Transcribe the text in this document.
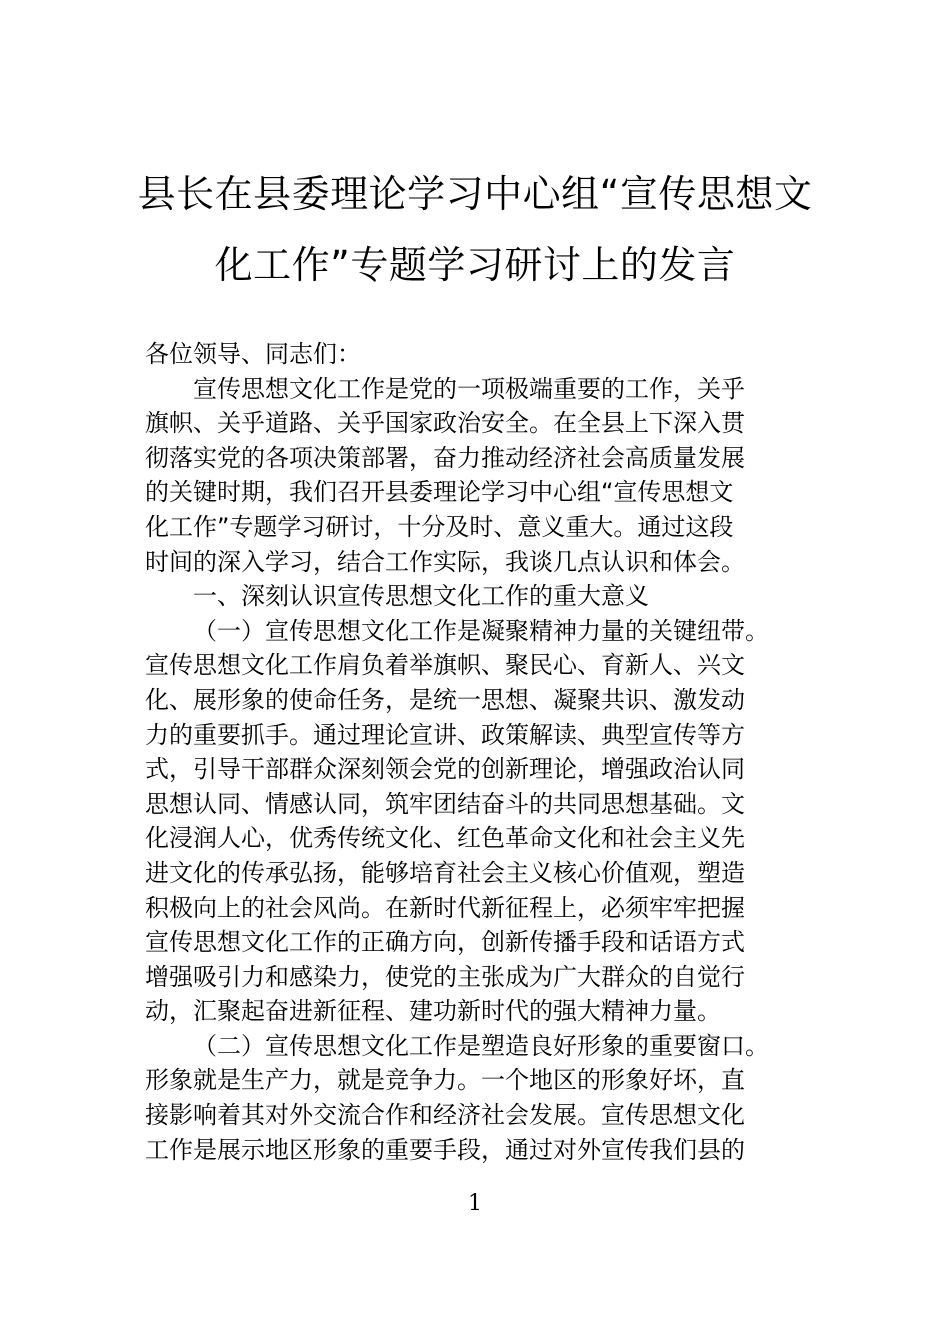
县长在县委理论学习中心组“宣传思想文
化工作”专题学习研讨上的发言

各位领导、同志们：

宣传思想文化工作是党的一项极端重要的工作，关乎
旗帜、关乎道路、关乎国家政治安全。在全县上下深入贯
彻落实党的各项决策部署，奋力推动经济社会高质量发展
的关键时期，我们召开县委理论学习中心组“宣传思想文
化工作”专题学习研讨，十分及时、意义重大。通过这段
时间的深入学习，结合工作实际，我谈几点认识和体会。

一、深刻认识宣传思想文化工作的重大意义

（一）宣传思想文化工作是凝聚精神力量的关键纽带。
宣传思想文化工作肩负着举旗帜、聚民心、育新人、兴文
化、展形象的使命任务，是统一思想、凝聚共识、激发动
力的重要抓手。通过理论宣讲、政策解读、典型宣传等方
式，引导干部群众深刻领会党的创新理论，增强政治认同
思想认同、情感认同，筑牢团结奋斗的共同思想基础。文
化浸润人心，优秀传统文化、红色革命文化和社会主义先
进文化的传承弘扬，能够培育社会主义核心价值观，塑造
积极向上的社会风尚。在新时代新征程上，必须牢牢把握
宣传思想文化工作的正确方向，创新传播手段和话语方式
增强吸引力和感染力，使党的主张成为广大群众的自觉行
动，汇聚起奋进新征程、建功新时代的强大精神力量。

（二）宣传思想文化工作是塑造良好形象的重要窗口。
形象就是生产力，就是竞争力。一个地区的形象好坏，直
接影响着其对外交流合作和经济社会发展。宣传思想文化
工作是展示地区形象的重要手段，通过对外宣传我们县的

1
